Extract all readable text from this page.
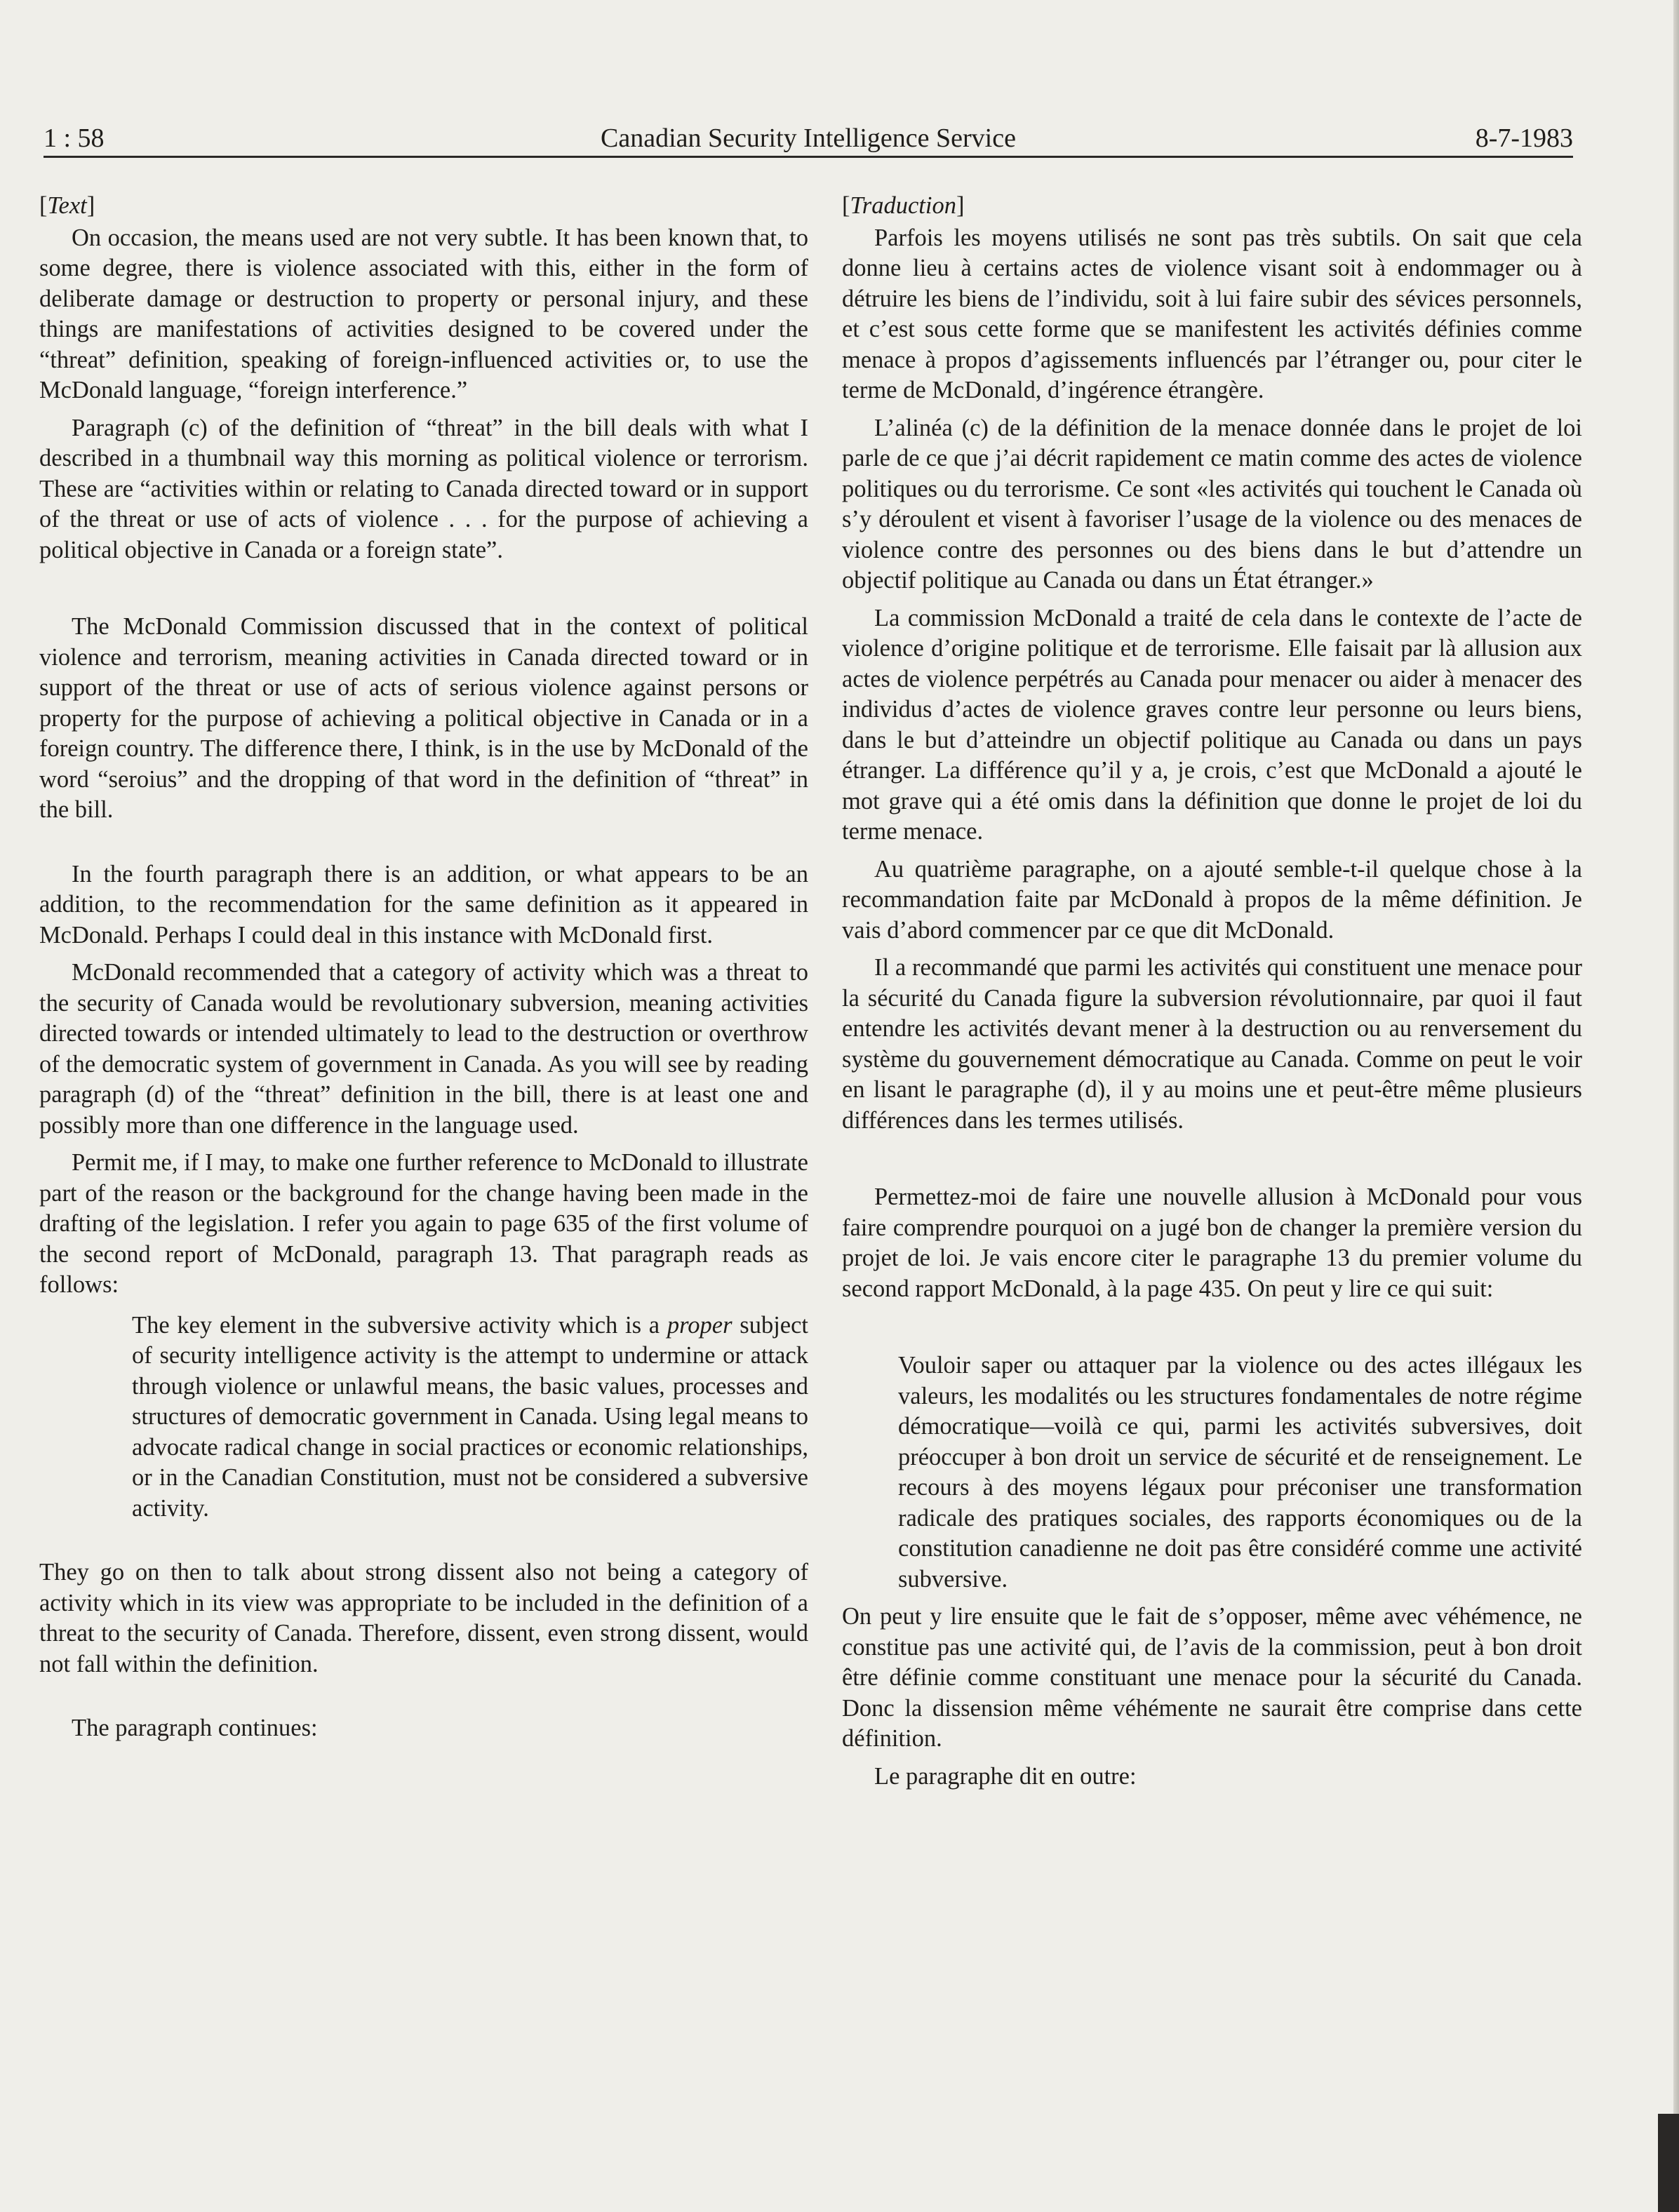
1 : 58	Canadian Security Intelligence Service	8-7-1983

[Text]

On occasion, the means used are not very subtle. It has been known that, to some degree, there is violence associated with this, either in the form of deliberate damage or destruction to property or personal injury, and these things are manifestations of activities designed to be covered under the “threat” definition, speaking of foreign-influenced activities or, to use the McDonald language, “foreign interference.”

Paragraph (c) of the definition of “threat” in the bill deals with what I described in a thumbnail way this morning as political violence or terrorism. These are “activities within or relating to Canada directed toward or in support of the threat or use of acts of violence . . . for the purpose of achieving a political objective in Canada or a foreign state”.

The McDonald Commission discussed that in the context of political violence and terrorism, meaning activities in Canada directed toward or in support of the threat or use of acts of serious violence against persons or property for the purpose of achieving a political objective in Canada or in a foreign country. The difference there, I think, is in the use by McDonald of the word “seroius” and the dropping of that word in the definition of “threat” in the bill.

In the fourth paragraph there is an addition, or what appears to be an addition, to the recommendation for the same definition as it appeared in McDonald. Perhaps I could deal in this instance with McDonald first.

McDonald recommended that a category of activity which was a threat to the security of Canada would be revolutionary subversion, meaning activities directed towards or intended ultimately to lead to the destruction or overthrow of the democratic system of government in Canada. As you will see by reading paragraph (d) of the “threat” definition in the bill, there is at least one and possibly more than one difference in the language used.

Permit me, if I may, to make one further reference to McDonald to illustrate part of the reason or the background for the change having been made in the drafting of the legislation. I refer you again to page 635 of the first volume of the second report of McDonald, paragraph 13. That paragraph reads as follows:

The key element in the subversive activity which is a proper subject of security intelligence activity is the attempt to undermine or attack through violence or unlawful means, the basic values, processes and structures of democratic government in Canada. Using legal means to advocate radical change in social practices or economic relationships, or in the Canadian Constitution, must not be considered a subversive activity.

They go on then to talk about strong dissent also not being a category of activity which in its view was appropriate to be included in the definition of a threat to the security of Canada. Therefore, dissent, even strong dissent, would not fall within the definition.

The paragraph continues:

[Traduction]

Parfois les moyens utilisés ne sont pas très subtils. On sait que cela donne lieu à certains actes de violence visant soit à endommager ou à détruire les biens de l’individu, soit à lui faire subir des sévices personnels, et c’est sous cette forme que se manifestent les activités définies comme menace à propos d’agissements influencés par l’étranger ou, pour citer le terme de McDonald, d’ingérence étrangère.

L’alinéa (c) de la définition de la menace donnée dans le projet de loi parle de ce que j’ai décrit rapidement ce matin comme des actes de violence politiques ou du terrorisme. Ce sont «les activités qui touchent le Canada où s’y déroulent et visent à favoriser l’usage de la violence ou des menaces de violence contre des personnes ou des biens dans le but d’attendre un objectif politique au Canada ou dans un État étranger.»

La commission McDonald a traité de cela dans le contexte de l’acte de violence d’origine politique et de terrorisme. Elle faisait par là allusion aux actes de violence perpétrés au Canada pour menacer ou aider à menacer des individus d’actes de violence graves contre leur personne ou leurs biens, dans le but d’atteindre un objectif politique au Canada ou dans un pays étranger. La différence qu’il y a, je crois, c’est que McDonald a ajouté le mot grave qui a été omis dans la définition que donne le projet de loi du terme menace.

Au quatrième paragraphe, on a ajouté semble-t-il quelque chose à la recommandation faite par McDonald à propos de la même définition. Je vais d’abord commencer par ce que dit McDonald.

Il a recommandé que parmi les activités qui constituent une menace pour la sécurité du Canada figure la subversion révolutionnaire, par quoi il faut entendre les activités devant mener à la destruction ou au renversement du système du gouvernement démocratique au Canada. Comme on peut le voir en lisant le paragraphe (d), il y au moins une et peut-être même plusieurs différences dans les termes utilisés.

Permettez-moi de faire une nouvelle allusion à McDonald pour vous faire comprendre pourquoi on a jugé bon de changer la première version du projet de loi. Je vais encore citer le paragraphe 13 du premier volume du second rapport McDonald, à la page 435. On peut y lire ce qui suit:

Vouloir saper ou attaquer par la violence ou des actes illégaux les valeurs, les modalités ou les structures fondamentales de notre régime démocratique—voilà ce qui, parmi les activités subversives, doit préoccuper à bon droit un service de sécurité et de renseignement. Le recours à des moyens légaux pour préconiser une transformation radicale des pratiques sociales, des rapports économiques ou de la constitution canadienne ne doit pas être considéré comme une activité subversive.

On peut y lire ensuite que le fait de s’opposer, même avec véhémence, ne constitue pas une activité qui, de l’avis de la commission, peut à bon droit être définie comme constituant une menace pour la sécurité du Canada. Donc la dissension même véhémente ne saurait être comprise dans cette définition.

Le paragraphe dit en outre:
